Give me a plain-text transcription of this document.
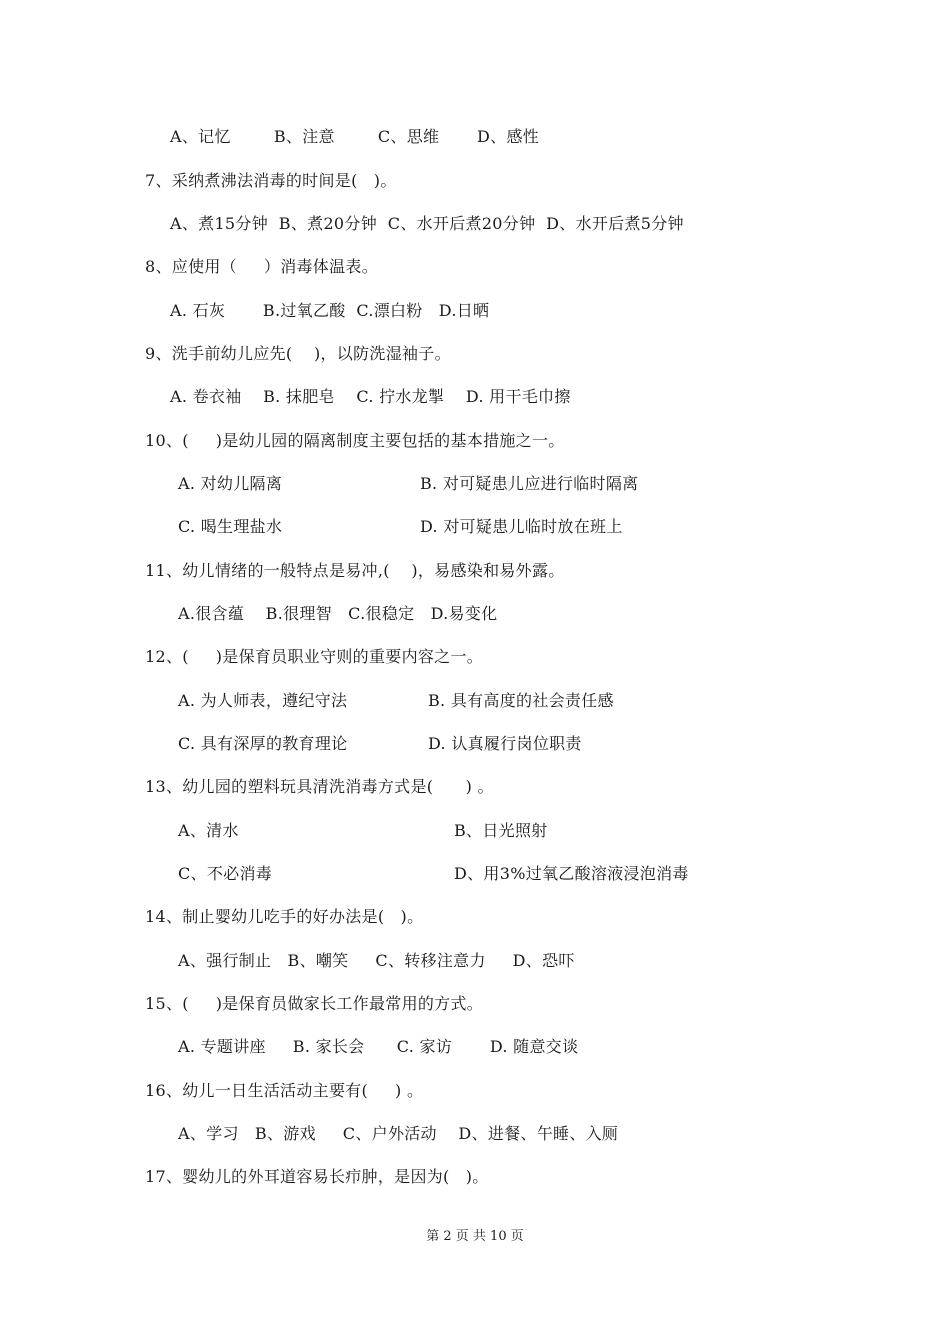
A、记忆        B、注意        C、思维       D、感性
7、采纳煮沸法消毒的时间是(   )。
A、煮15分钟  B、煮20分钟  C、水开后煮20分钟  D、水开后煮5分钟
8、应使用（     ）消毒体温表。
A. 石灰       B.过氧乙酸  C.漂白粉   D.日晒
9、洗手前幼儿应先(    )，以防洗湿袖子。
A. 卷衣袖    B. 抹肥皂    C. 拧水龙掣    D. 用干毛巾擦
10、(     )是幼儿园的隔离制度主要包括的基本措施之一。
A. 对幼儿隔离	B. 对可疑患儿应进行临时隔离
C. 喝生理盐水	D. 对可疑患儿临时放在班上
11、幼儿情绪的一般特点是易冲,(    )，易感染和易外露。
A.很含蕴    B.很理智   C.很稳定   D.易变化
12、(     )是保育员职业守则的重要内容之一。
A. 为人师表，遵纪守法	B. 具有高度的社会责任感
C. 具有深厚的教育理论	D. 认真履行岗位职责
13、幼儿园的塑料玩具清洗消毒方式是(      ) 。
A、清水	B、日光照射
C、不必消毒	D、用3%过氧乙酸溶液浸泡消毒
14、制止婴幼儿吃手的好办法是(   )。
A、强行制止   B、嘲笑     C、转移注意力     D、恐吓
15、(     )是保育员做家长工作最常用的方式。
A. 专题讲座     B. 家长会      C. 家访       D. 随意交谈
16、幼儿一日生活活动主要有(     ) 。
A、学习   B、游戏     C、户外活动    D、进餐、午睡、入厕
17、婴幼儿的外耳道容易长疖肿，是因为(   )。
第 2 页 共 10 页
